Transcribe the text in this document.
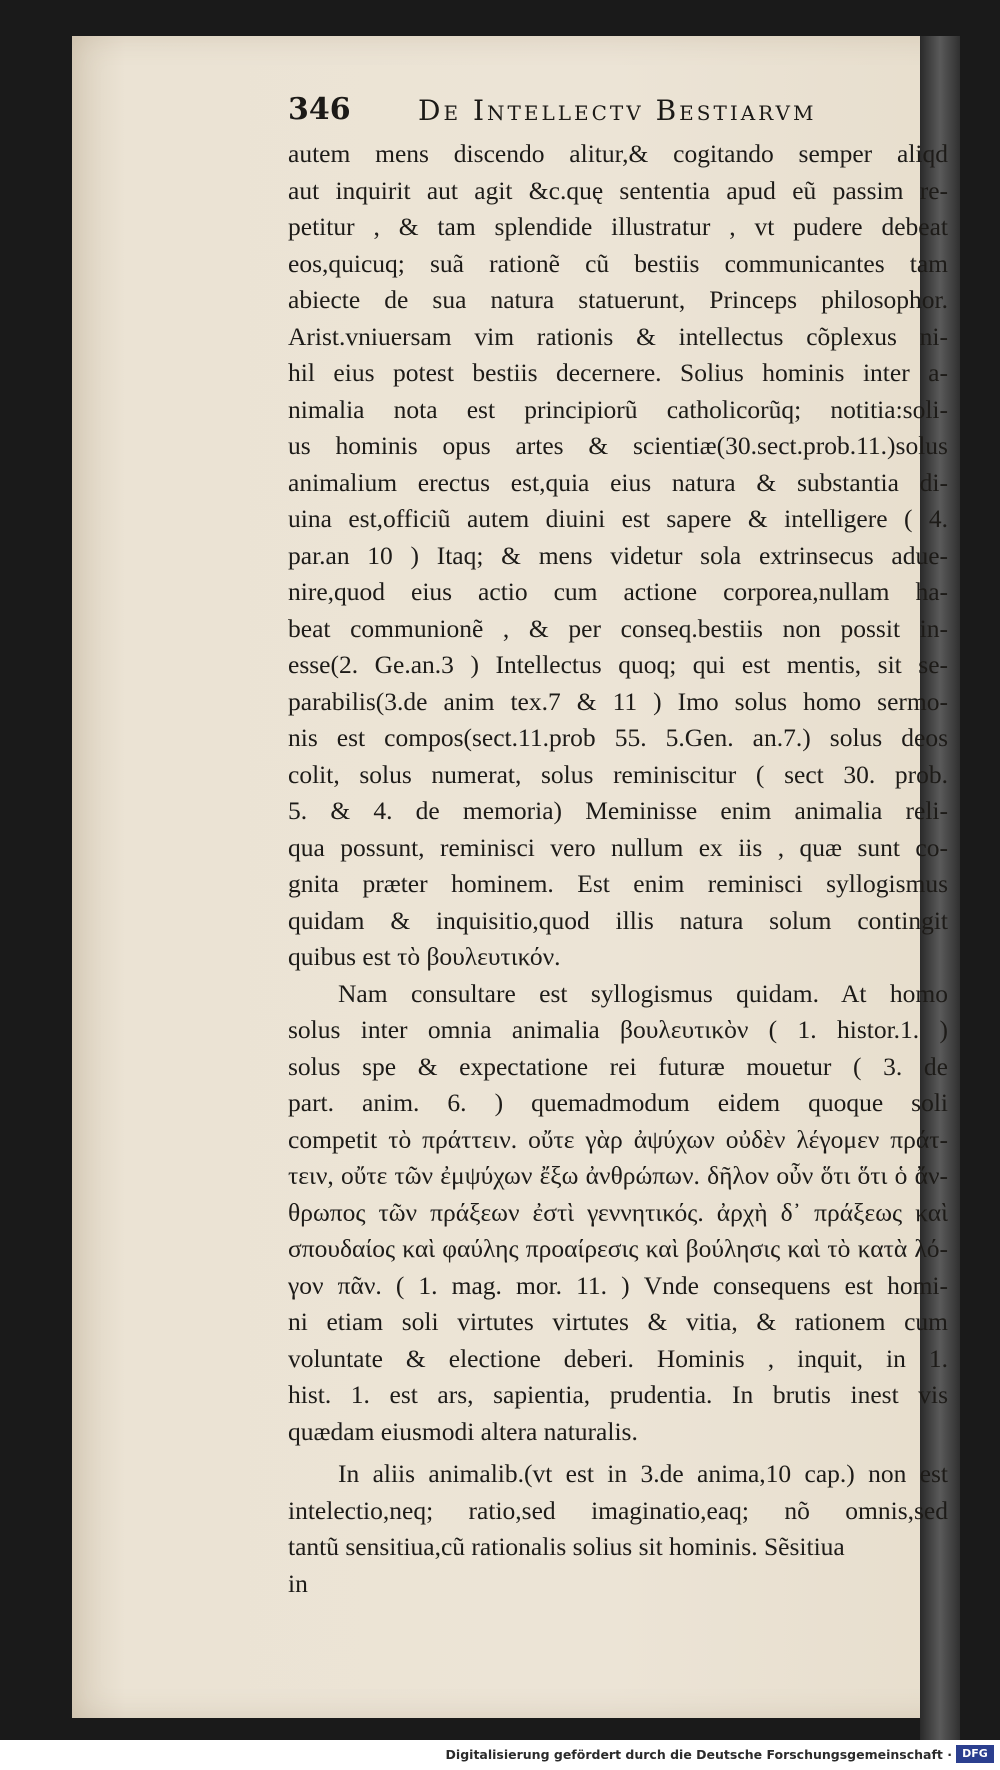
346 De Intellectv Bestiarvm
autem mens discendo alitur,& cogitando semper aliqd
aut inquirit aut agit &c.quę sententia apud eũ passim re-
petitur , & tam splendide illustratur , vt pudere debeat
eos,quicuq; suã rationẽ cũ bestiis communicantes tam
abiecte de sua natura statuerunt, Princeps philosophor.
Arist.vniuersam vim rationis & intellectus cõplexus ni-
hil eius potest bestiis decernere. Solius hominis inter a-
nimalia nota est principiorũ catholicorũq; notitia:soli-
us hominis opus artes & scientiæ(30.sect.prob.11.)solus
animalium erectus est,quia eius natura & substantia di-
uina est,officiũ autem diuini est sapere & intelligere ( 4.
par.an 10 ) Itaq; & mens videtur sola extrinsecus adue-
nire,quod eius actio cum actione corporea,nullam ha-
beat communionẽ , & per conseq.bestiis non possit in-
esse(2. Ge.an.3 ) Intellectus quoq; qui est mentis, sit se-
parabilis(3.de anim tex.7 & 11 ) Imo solus homo sermo-
nis est compos(sect.11.prob 55. 5.Gen. an.7.) solus deos
colit, solus numerat, solus reminiscitur ( sect 30. prob.
5. & 4. de memoria) Meminisse enim animalia reli-
qua possunt, reminisci vero nullum ex iis , quæ sunt co-
gnita præter hominem. Est enim reminisci syllogismus
quidam & inquisitio,quod illis natura solum contingit
quibus est τὸ βουλευτικόν.
Nam consultare est syllogismus quidam. At homo
solus inter omnia animalia βουλευτικὸν ( 1. histor.1. )
solus spe & expectatione rei futuræ mouetur ( 3. de
part. anim. 6. ) quemadmodum eidem quoque soli
competit τὸ πράττειν. οὔτε γὰρ ἀψύχων οὐδὲν λέγομεν πράτ-
τειν, οὔτε τῶν ἐμψύχων ἔξω ἀνθρώπων. δῆλον οὖν ὅτι ὅτι ὁ ἄν-
θρωπος τῶν πράξεων ἐστὶ γεννητικός. ἀρχὴ δ᾽ πράξεως καὶ
σπουδαίος καὶ φαύλης προαίρεσις καὶ βούλησις καὶ τὸ κατὰ λό-
γον πᾶν. ( 1. mag. mor. 11. ) Vnde consequens est homi-
ni etiam soli virtutes virtutes & vitia, & rationem cum
voluntate & electione deberi. Hominis , inquit, in 1.
hist. 1. est ars, sapientia, prudentia. In brutis inest vis
quædam eiusmodi altera naturalis.
In aliis animalib.(vt est in 3.de anima,10 cap.) non est
intelectio,neq; ratio,sed imaginatio,eaq; nõ omnis,sed
tantũ sensitiua,cũ rationalis solius sit hominis. Sẽsitiua
in
Digitalisierung gefördert durch die Deutsche Forschungsgemeinschaft · DFG
